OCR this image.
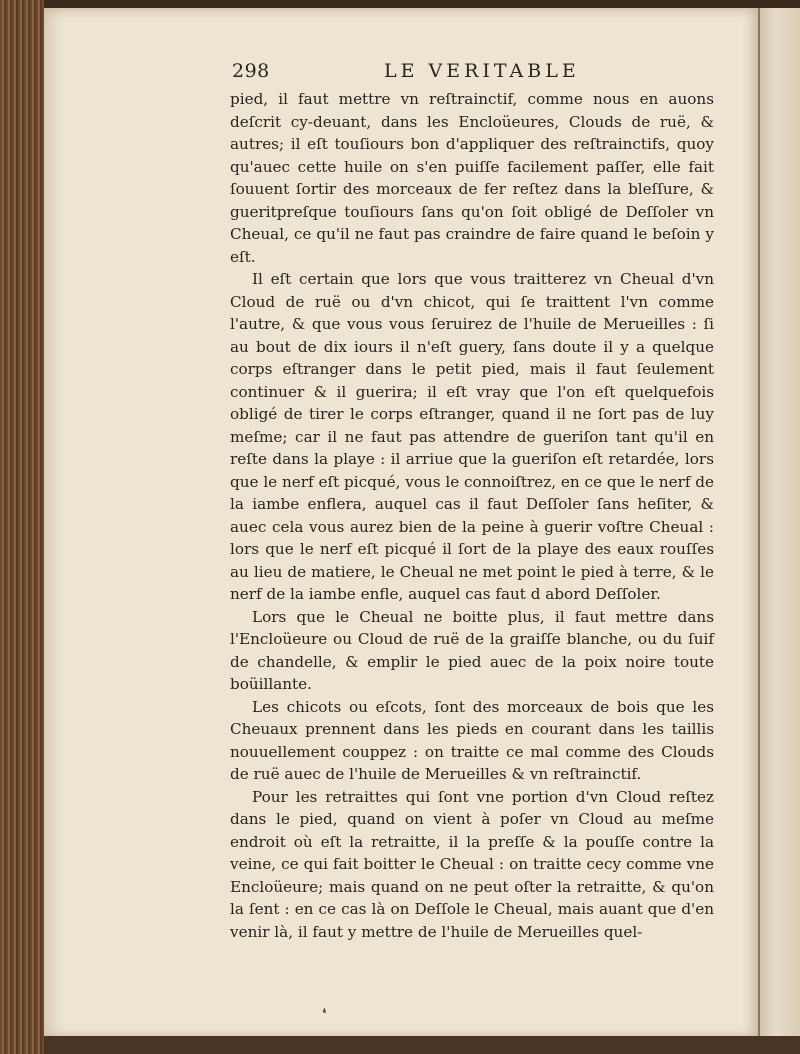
298	LE VERITABLE

pied, il faut mettre vn reſtrainctif, comme nous en auons deſcrit cy-deuant, dans les Encloüeures, Clouds de ruë, & autres; il eſt touſiours bon d'appliquer des reſtrainctifs, quoy qu'auec cette huile on s'en puiſſe facilement paſſer, elle fait ſouuent ſortir des morceaux de fer reſtez dans la bleſſure, & gueritpreſque touſiours ſans qu'on ſoit obligé de Deſſoler vn Cheual, ce qu'il ne faut pas craindre de faire quand le beſoin y eſt.

Il eſt certain que lors que vous traitterez vn Cheual d'vn Cloud de ruë ou d'vn chicot, qui ſe traittent l'vn comme l'autre, & que vous vous ſeruirez de l'huile de Merueilles : ſi au bout de dix iours il n'eſt guery, ſans doute il y a quelque corps eſtranger dans le petit pied, mais il faut ſeulement continuer & il guerira; il eſt vray que l'on eſt quelquefois obligé de tirer le corps eſtranger, quand il ne ſort pas de luy meſme; car il ne faut pas attendre de gueriſon tant qu'il en reſte dans la playe : il arriue que la gueriſon eſt retardée, lors que le nerf eſt picqué, vous le connoiſtrez, en ce que le nerf de la iambe enflera, auquel cas il faut Deſſoler ſans heſiter, & auec cela vous aurez bien de la peine à guerir voſtre Cheual : lors que le nerf eſt picqué il ſort de la playe des eaux rouſſes au lieu de matiere, le Cheual ne met point le pied à terre, & le nerf de la iambe enfle, auquel cas faut d abord Deſſoler.

Lors que le Cheual ne boitte plus, il faut mettre dans l'Encloüeure ou Cloud de ruë de la graiſſe blanche, ou du ſuif de chandelle, & emplir le pied auec de la poix noire toute boüillante.

Les chicots ou eſcots, ſont des morceaux de bois que les Cheuaux prennent dans les pieds en courant dans les taillis nouuellement couppez : on traitte ce mal comme des Clouds de ruë auec de l'huile de Merueilles & vn reſtrainctif.

Pour les retraittes qui ſont vne portion d'vn Cloud reſtez dans le pied, quand on vient à poſer vn Cloud au meſme endroit où eſt la retraitte, il la preſſe & la pouſſe contre la veine, ce qui fait boitter le Cheual : on traitte cecy comme vne Encloüeure; mais quand on ne peut oſter la retraitte, & qu'on la ſent : en ce cas là on Deſſole le Cheual, mais auant que d'en venir là, il faut y mettre de l'huile de Merueilles quel-

❛
